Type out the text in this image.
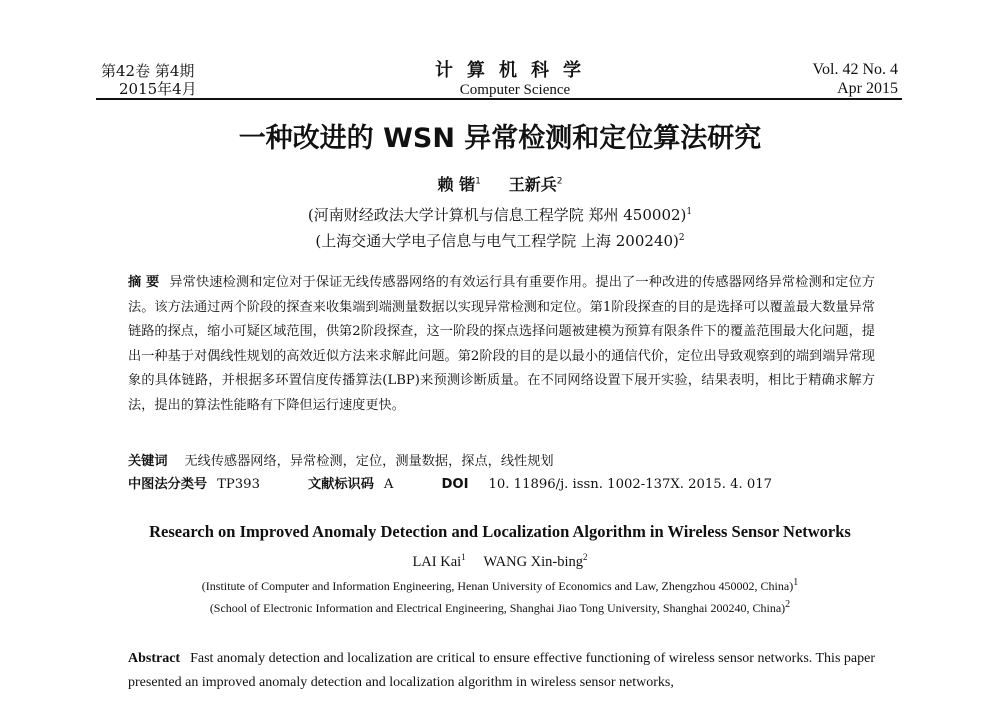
第42卷 第4期
2015年4月
计算机科学
Computer Science
Vol. 42 No. 4
Apr 2015
一种改进的 WSN 异常检测和定位算法研究
赖 锴$^1$ 王新兵$^2$
(河南财经政法大学计算机与信息工程学院 郑州 450002)$^1$
(上海交通大学电子信息与电气工程学院 上海 200240)$^2$
摘 要 异常快速检测和定位对于保证无线传感器网络的有效运行具有重要作用。提出了一种改进的传感器网络异常检测和定位方法。该方法通过两个阶段的探查来收集端到端测量数据以实现异常检测和定位。第1阶段探查的目的是选择可以覆盖最大数量异常链路的探点，缩小可疑区域范围，供第2阶段探查，这一阶段的探点选择问题被建模为预算有限条件下的覆盖范围最大化问题，提出一种基于对偶线性规划的高效近似方法来求解此问题。第2阶段的目的是以最小的通信代价，定位出导致观察到的端到端异常现象的具体链路，并根据多环置信度传播算法(LBP)来预测诊断质量。在不同网络设置下展开实验，结果表明，相比于精确求解方法，提出的算法性能略有下降但运行速度更快。
关键词 无线传感器网络，异常检测，定位，测量数据，探点，线性规划
中图法分类号 TP393	文献标识码 A	DOI 10. 11896/j. issn. 1002-137X. 2015. 4. 017
Research on Improved Anomaly Detection and Localization Algorithm in Wireless Sensor Networks
LAI Kai$^1$ WANG Xin-bing$^2$
(Institute of Computer and Information Engineering, Henan University of Economics and Law, Zhengzhou 450002, China)$^1$
(School of Electronic Information and Electrical Engineering, Shanghai Jiao Tong University, Shanghai 200240, China)$^2$
Abstract Fast anomaly detection and localization are critical to ensure effective functioning of wireless sensor networks. This paper presented an improved anomaly detection and localization algorithm in wireless sensor networks,
